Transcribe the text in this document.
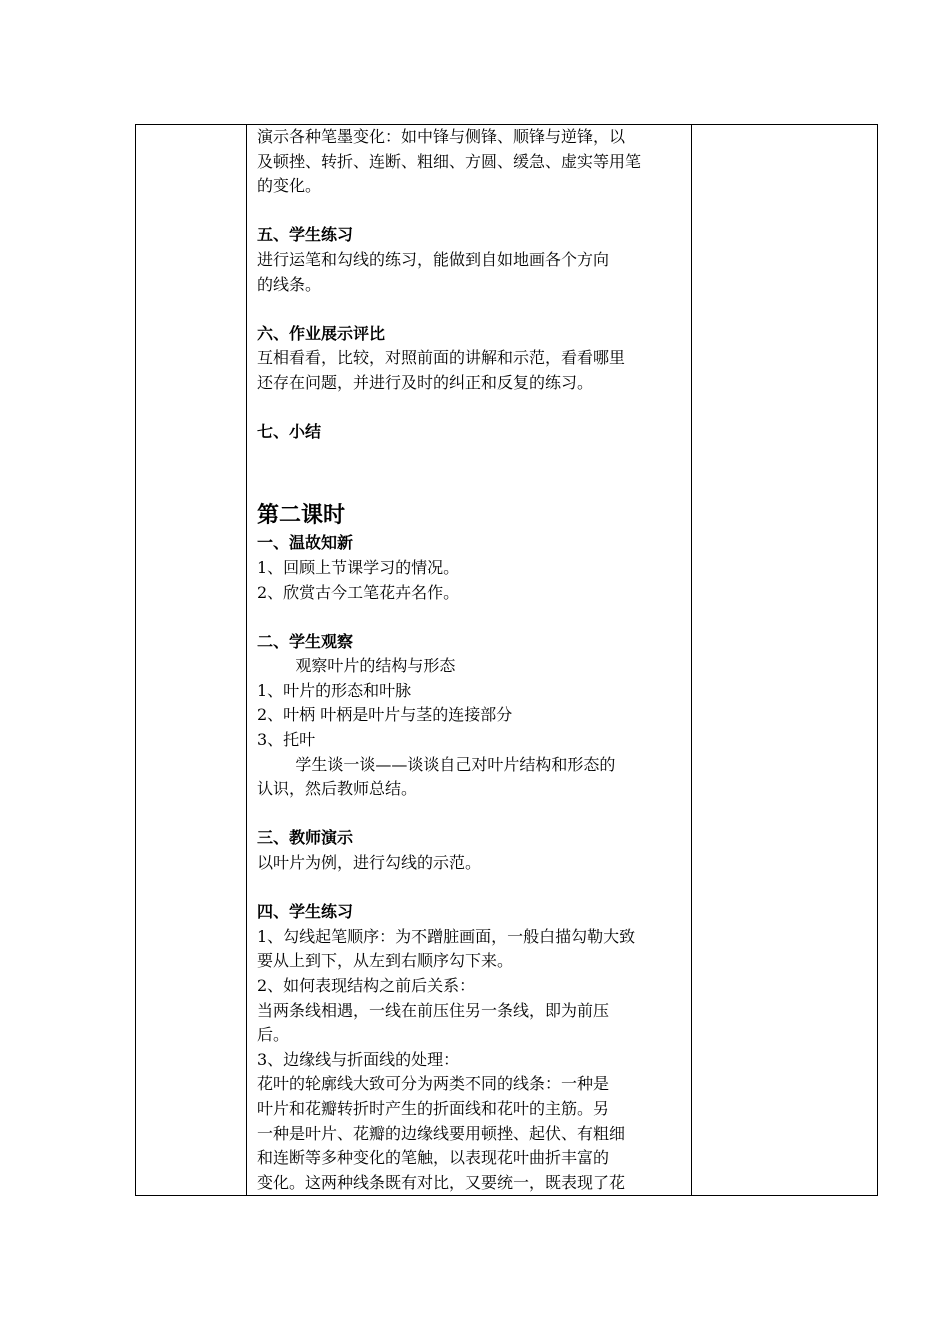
演示各种笔墨变化：如中锋与侧锋、顺锋与逆锋，以

及顿挫、转折、连断、粗细、方圆、缓急、虚实等用笔

的变化。

五、学生练习

进行运笔和勾线的练习，能做到自如地画各个方向

的线条。

六、作业展示评比

互相看看，比较，对照前面的讲解和示范，看看哪里

还存在问题，并进行及时的纠正和反复的练习。

七、小结

第二课时

一、温故知新

1、回顾上节课学习的情况。

2、欣赏古今工笔花卉名作。

二、学生观察

观察叶片的结构与形态

1、叶片的形态和叶脉

2、叶柄 叶柄是叶片与茎的连接部分

3、托叶

学生谈一谈——谈谈自己对叶片结构和形态的

认识，然后教师总结。

三、教师演示

以叶片为例，进行勾线的示范。

四、学生练习

1、勾线起笔顺序：为不蹭脏画面，一般白描勾勒大致

要从上到下，从左到右顺序勾下来。

2、如何表现结构之前后关系：

当两条线相遇，一线在前压住另一条线，即为前压

后。

3、边缘线与折面线的处理：

花叶的轮廓线大致可分为两类不同的线条：一种是

叶片和花瓣转折时产生的折面线和花叶的主筋。另

一种是叶片、花瓣的边缘线要用顿挫、起伏、有粗细

和连断等多种变化的笔触，以表现花叶曲折丰富的

变化。这两种线条既有对比，又要统一，既表现了花
